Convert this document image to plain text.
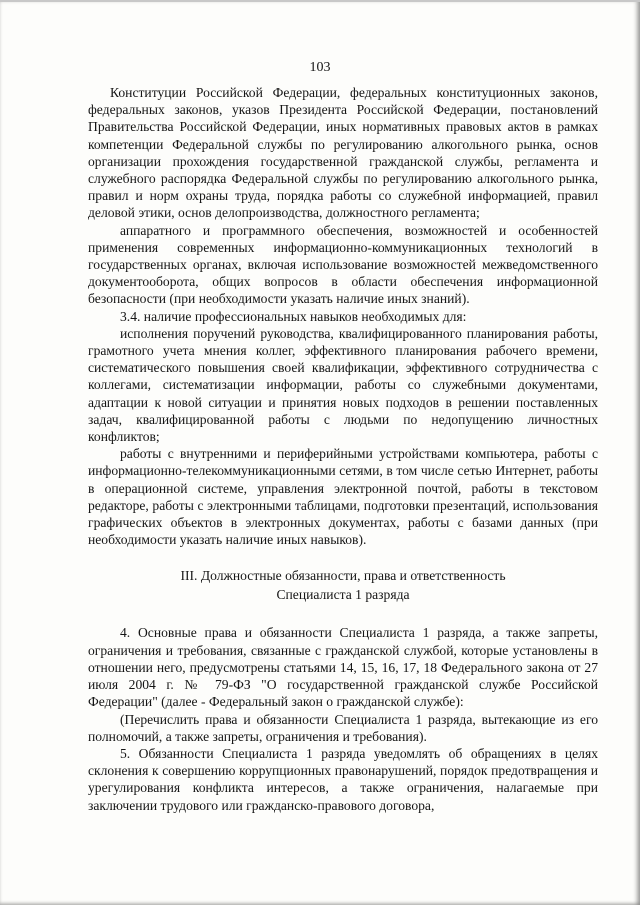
103

Конституции Российской Федерации, федеральных конституционных законов, федеральных законов, указов Президента Российской Федерации, постановлений Правительства Российской Федерации, иных нормативных правовых актов в рамках компетенции Федеральной службы по регулированию алкогольного рынка, основ организации прохождения государственной гражданской службы, регламента и служебного распорядка Федеральной службы по регулированию алкогольного рынка, правил и норм охраны труда, порядка работы со служебной информацией, правил деловой этики, основ делопроизводства, должностного регламента;

аппаратного и программного обеспечения, возможностей и особенностей применения современных информационно-коммуникационных технологий в государственных органах, включая использование возможностей межведомственного документооборота, общих вопросов в области обеспечения информационной безопасности (при необходимости указать наличие иных знаний).

3.4. наличие профессиональных навыков необходимых для:

исполнения поручений руководства, квалифицированного планирования работы, грамотного учета мнения коллег, эффективного планирования рабочего времени, систематического повышения своей квалификации, эффективного сотрудничества с коллегами, систематизации информации, работы со служебными документами, адаптации к новой ситуации и принятия новых подходов в решении поставленных задач, квалифицированной работы с людьми по недопущению личностных конфликтов;

работы с внутренними и периферийными устройствами компьютера, работы с информационно-телекоммуникационными сетями, в том числе сетью Интернет, работы в операционной системе, управления электронной почтой, работы в текстовом редакторе, работы с электронными таблицами, подготовки презентаций, использования графических объектов в электронных документах, работы с базами данных (при необходимости указать наличие иных навыков).

III. Должностные обязанности, права и ответственность
Специалиста 1 разряда

4. Основные права и обязанности Специалиста 1 разряда, а также запреты, ограничения и требования, связанные с гражданской службой, которые установлены в отношении него, предусмотрены статьями 14, 15, 16, 17, 18 Федерального закона от 27 июля 2004 г. № 79-ФЗ "О государственной гражданской службе Российской Федерации" (далее - Федеральный закон о гражданской службе):

(Перечислить права и обязанности Специалиста 1 разряда, вытекающие из его полномочий, а также запреты, ограничения и требования).

5. Обязанности Специалиста 1 разряда уведомлять об обращениях в целях склонения к совершению коррупционных правонарушений, порядок предотвращения и урегулирования конфликта интересов, а также ограничения, налагаемые при заключении трудового или гражданско-правового договора,
